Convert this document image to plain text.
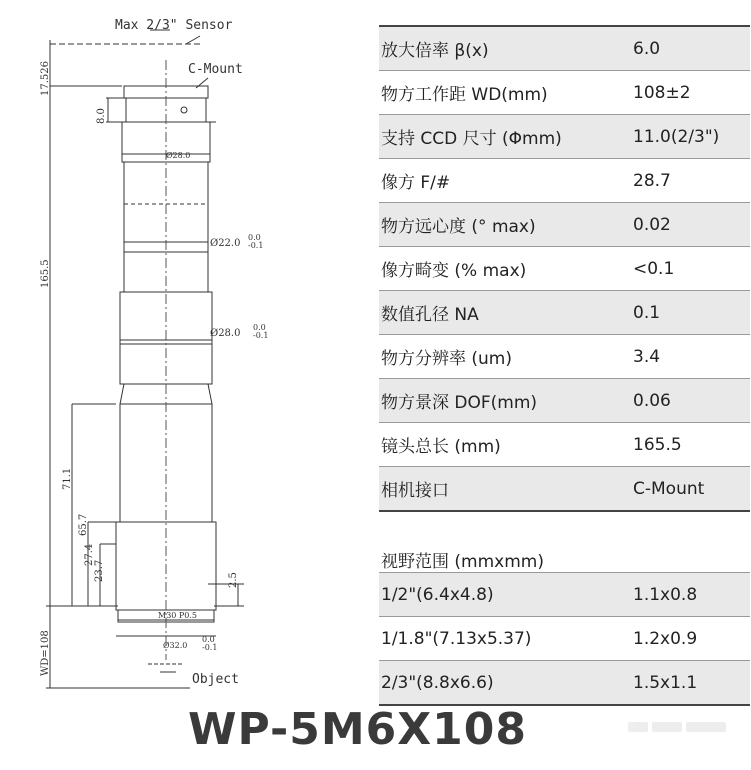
Max 2/3" Sensor
C-Mount
Object
17.526
8.0
165.5
71.1
65.7
27.4
23.7	2.5
WD=108
Ø28.0
Ø22.0
0.0
-0.1
Ø28.0
0.0
-0.1
M30 P0.5
Ø32.0
0.0
-0.1
放大倍率 β(x)	6.0
物方工作距 WD(mm)	108±2
支持 CCD 尺寸 (Φmm)	11.0(2/3")
像方 F/#	28.7
物方远心度 (° max)	0.02
像方畸变 (% max)	<0.1
数值孔径 NA	0.1
物方分辨率 (um)	3.4
物方景深 DOF(mm)	0.06
镜头总长 (mm)	165.5
相机接口	C-Mount
视野范围 (mmxmm)	
1/2"(6.4x4.8)	1.1x0.8
1/1.8"(7.13x5.37)	1.2x0.9
2/3"(8.8x6.6)	1.5x1.1
WP-5M6X108
